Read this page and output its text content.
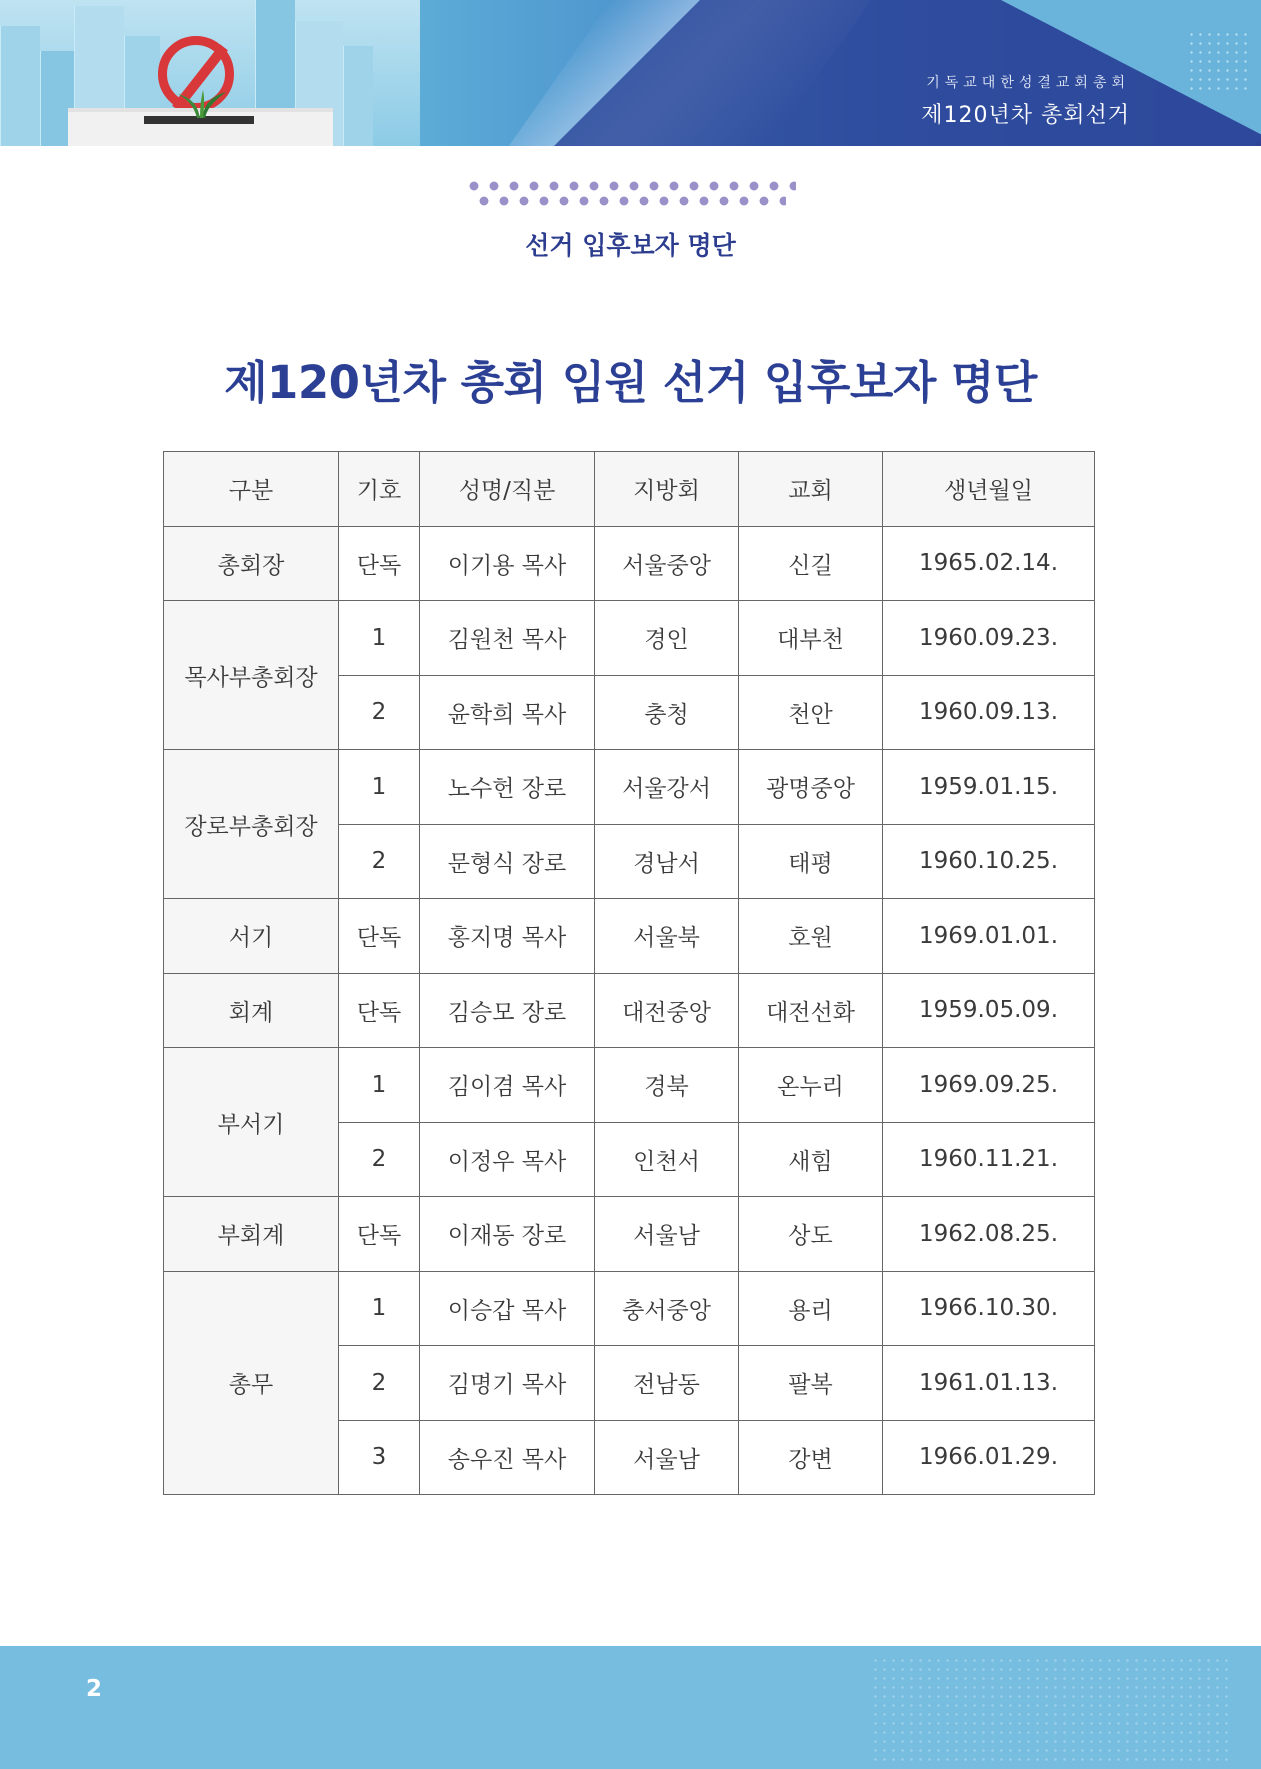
기독교대한성결교회총회
제120년차 총회선거
선거 입후보자 명단
제120년차 총회 임원 선거 입후보자 명단
구분	기호	성명/직분	지방회	교회	생년월일
총회장	단독	이기용 목사	서울중앙	신길	1965.02.14.
목사부총회장	1	김원천 목사	경인	대부천	1960.09.23.
	2	윤학희 목사	충청	천안	1960.09.13.
장로부총회장	1	노수헌 장로	서울강서	광명중앙	1959.01.15.
	2	문형식 장로	경남서	태평	1960.10.25.
서기	단독	홍지명 목사	서울북	호원	1969.01.01.
회계	단독	김승모 장로	대전중앙	대전선화	1959.05.09.
부서기	1	김이겸 목사	경북	온누리	1969.09.25.
	2	이정우 목사	인천서	새힘	1960.11.21.
부회계	단독	이재동 장로	서울남	상도	1962.08.25.
총무	1	이승갑 목사	충서중앙	용리	1966.10.30.
	2	김명기 목사	전남동	팔복	1961.01.13.
	3	송우진 목사	서울남	강변	1966.01.29.
2
